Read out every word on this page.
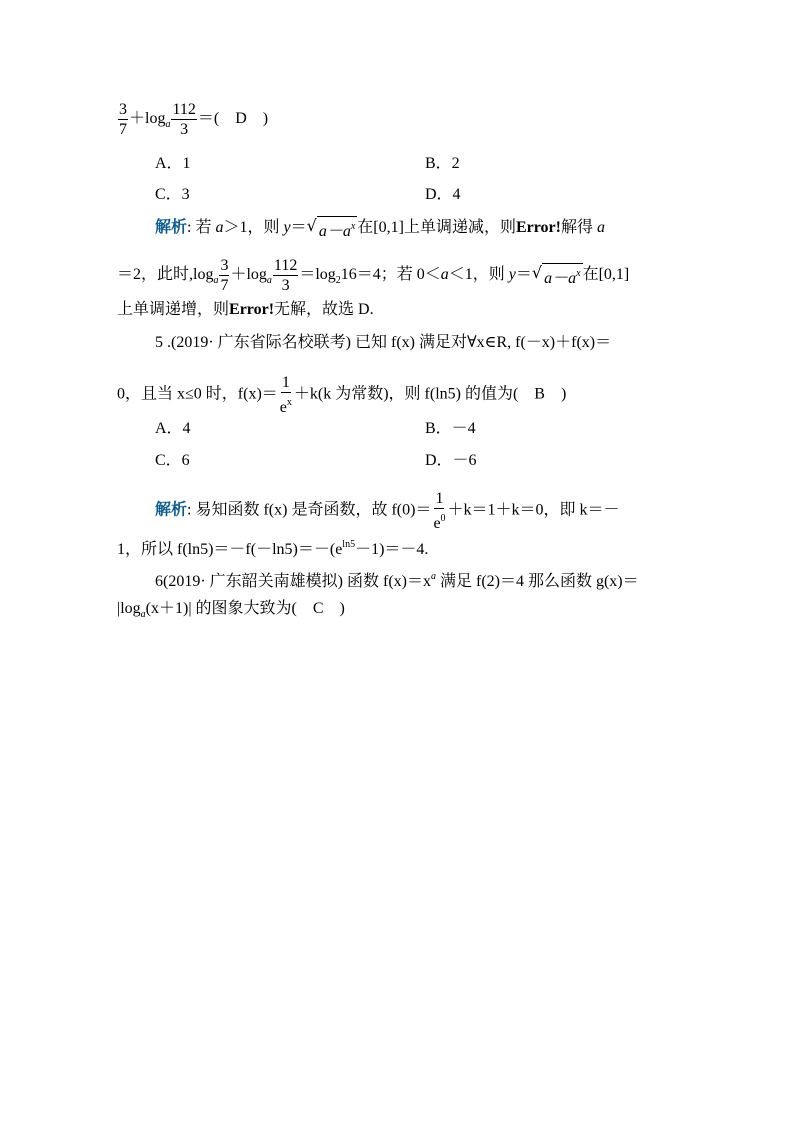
$\frac{3}{7} +\log_a \frac{112}{3}$ ＝(　D　)
A．1	B．2
C．3	D．4
解析: 若 a＞1，则 y＝ √ $a-a^x$ 在[0,1]上单调递减，则Error!解得 a
＝2，此时$,\log_a \frac{3}{7} +\log_a \frac{112}{3} =\log_216=4$；若 0＜a＜1，则 y＝ √ $a-a^x$ 在[0,1]
上单调递增，则Error!无解，故选 D.
5 .(2019· 广东省际名校联考) 已知 f(x) 满足对∀x∈R, f(－x)＋f(x)＝
0，且当 x≤0 时，$f(x)= \frac{1}{e^x} +k(k$ 为常数)，则 f(ln5) 的值为(　B　)
A．4	B．－4
C．6	D．－6
解析: 易知函数 f(x) 是奇函数，故 $f(0)= \frac{1}{e^0} +k=1+k=0$，即 k＝－
1，所以 $f(\ln 5)=-f(-\ln 5)=-(e^{ln5}-1)=-4$.
6(2019· 广东韶关南雄模拟) 函数 $f(x)=x^a$ 满足 f(2)＝4 那么函数 g(x)＝
$|\log_a(x+1)|$ 的图象大致为(　C　)
